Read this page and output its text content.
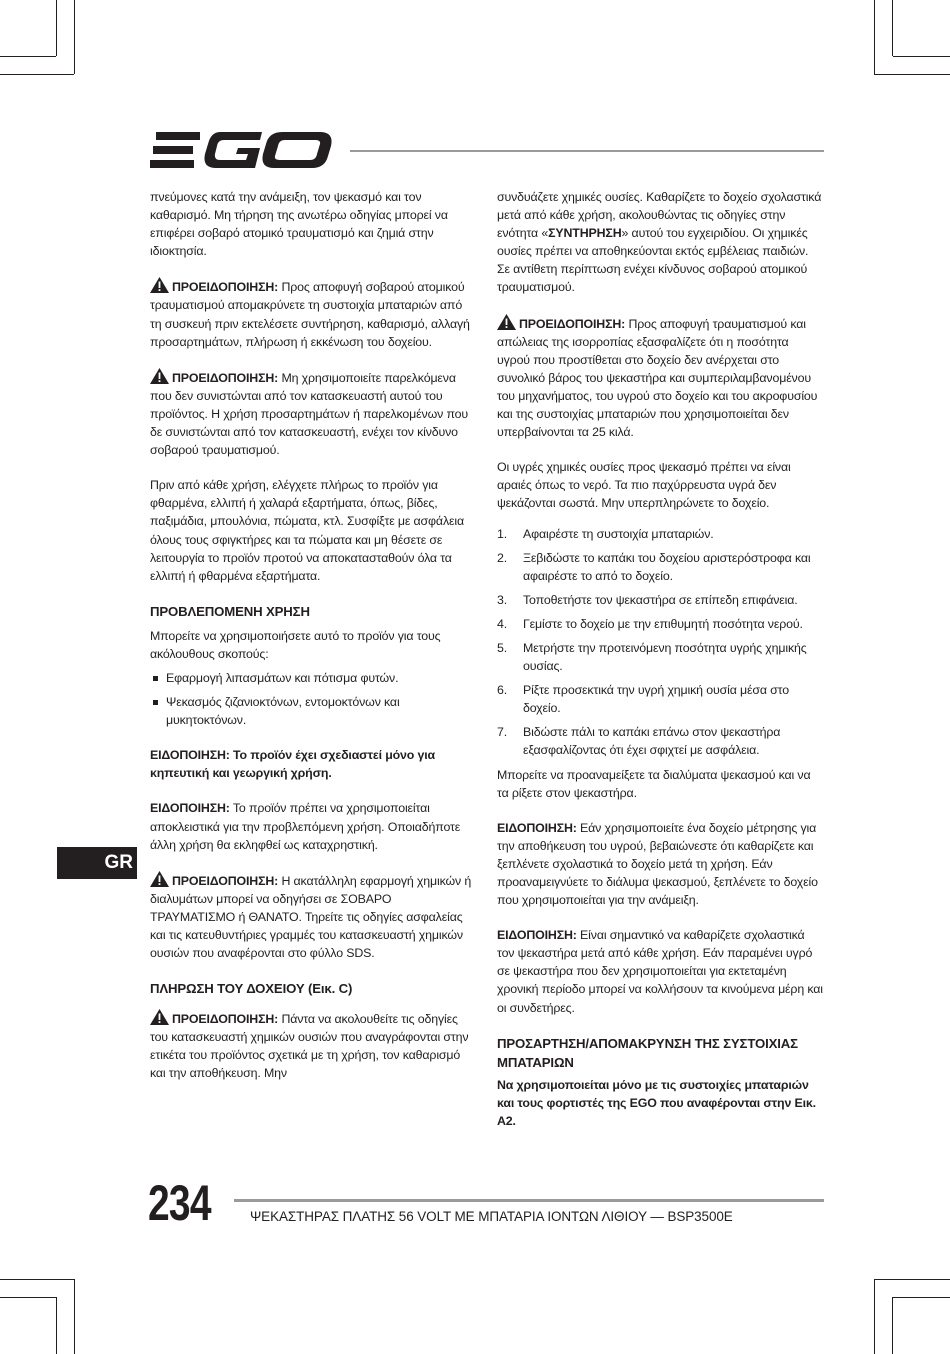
πνεύμονες κατά την ανάμειξη, τον ψεκασμό και τον καθαρισμό. Μη τήρηση της ανωτέρω οδηγίας μπορεί να επιφέρει σοβαρό ατομικό τραυματισμό και ζημιά στην ιδιοκτησία.

ΠΡΟΕΙΔΟΠΟΙΗΣΗ: Προς αποφυγή σοβαρού ατομικού τραυματισμού απομακρύνετε τη συστοιχία μπαταριών από τη συσκευή πριν εκτελέσετε συντήρηση, καθαρισμό, αλλαγή προσαρτημάτων, πλήρωση ή εκκένωση του δοχείου.

ΠΡΟΕΙΔΟΠΟΙΗΣΗ: Μη χρησιμοποιείτε παρελκόμενα που δεν συνιστώνται από τον κατασκευαστή αυτού του προϊόντος. Η χρήση προσαρτημάτων ή παρελκομένων που δε συνιστώνται από τον κατασκευαστή, ενέχει τον κίνδυνο σοβαρού τραυματισμού.

Πριν από κάθε χρήση, ελέγχετε πλήρως το προϊόν για φθαρμένα, ελλιπή ή χαλαρά εξαρτήματα, όπως, βίδες, παξιμάδια, μπουλόνια, πώματα, κτλ. Συσφίξτε με ασφάλεια όλους τους σφιγκτήρες και τα πώματα και μη θέσετε σε λειτουργία το προϊόν προτού να αποκατασταθούν όλα τα ελλιπή ή φθαρμένα εξαρτήματα.

ΠΡΟΒΛΕΠΟΜΕΝΗ ΧΡΗΣΗ

Μπορείτε να χρησιμοποιήσετε αυτό το προϊόν για τους ακόλουθους σκοπούς:

Εφαρμογή λιπασμάτων και πότισμα φυτών.
Ψεκασμός ζιζανιοκτόνων, εντομοκτόνων και μυκητοκτόνων.

ΕΙΔΟΠΟΙΗΣΗ: Το προϊόν έχει σχεδιαστεί μόνο για κηπευτική και γεωργική χρήση.

ΕΙΔΟΠΟΙΗΣΗ: Το προϊόν πρέπει να χρησιμοποιείται αποκλειστικά για την προβλεπόμενη χρήση. Οποιαδήποτε άλλη χρήση θα εκληφθεί ως καταχρηστική.

ΠΡΟΕΙΔΟΠΟΙΗΣΗ: Η ακατάλληλη εφαρμογή χημικών ή διαλυμάτων μπορεί να οδηγήσει σε ΣΟΒΑΡΟ ΤΡΑΥΜΑΤΙΣΜΟ ή ΘΑΝΑΤΟ. Τηρείτε τις οδηγίες ασφαλείας και τις κατευθυντήριες γραμμές του κατασκευαστή χημικών ουσιών που αναφέρονται στο φύλλο SDS.

ΠΛΗΡΩΣΗ ΤΟΥ ΔΟΧΕΙΟΥ (Εικ. C)

ΠΡΟΕΙΔΟΠΟΙΗΣΗ: Πάντα να ακολουθείτε τις οδηγίες του κατασκευαστή χημικών ουσιών που αναγράφονται στην ετικέτα του προϊόντος σχετικά με τη χρήση, τον καθαρισμό και την αποθήκευση. Μην

συνδυάζετε χημικές ουσίες. Καθαρίζετε το δοχείο σχολαστικά μετά από κάθε χρήση, ακολουθώντας τις οδηγίες στην ενότητα «ΣΥΝΤΗΡΗΣΗ» αυτού του εγχειριδίου. Οι χημικές ουσίες πρέπει να αποθηκεύονται εκτός εμβέλειας παιδιών. Σε αντίθετη περίπτωση ενέχει κίνδυνος σοβαρού ατομικού τραυματισμού.

ΠΡΟΕΙΔΟΠΟΙΗΣΗ: Προς αποφυγή τραυματισμού και απώλειας της ισορροπίας εξασφαλίζετε ότι η ποσότητα υγρού που προστίθεται στο δοχείο δεν ανέρχεται στο συνολικό βάρος του ψεκαστήρα και συμπεριλαμβανομένου του μηχανήματος, του υγρού στο δοχείο και του ακροφυσίου και της συστοιχίας μπαταριών που χρησιμοποιείται δεν υπερβαίνονται τα 25 κιλά.

Οι υγρές χημικές ουσίες προς ψεκασμό πρέπει να είναι αραιές όπως το νερό. Τα πιο παχύρρευστα υγρά δεν ψεκάζονται σωστά. Μην υπερπληρώνετε το δοχείο.

1. Αφαιρέστε τη συστοιχία μπαταριών.
2. Ξεβιδώστε το καπάκι του δοχείου αριστερόστροφα και αφαιρέστε το από το δοχείο.
3. Τοποθετήστε τον ψεκαστήρα σε επίπεδη επιφάνεια.
4. Γεμίστε το δοχείο με την επιθυμητή ποσότητα νερού.
5. Μετρήστε την προτεινόμενη ποσότητα υγρής χημικής ουσίας.
6. Ρίξτε προσεκτικά την υγρή χημική ουσία μέσα στο δοχείο.
7. Βιδώστε πάλι το καπάκι επάνω στον ψεκαστήρα εξασφαλίζοντας ότι έχει σφιχτεί με ασφάλεια.

Μπορείτε να προαναμείξετε τα διαλύματα ψεκασμού και να τα ρίξετε στον ψεκαστήρα.

ΕΙΔΟΠΟΙΗΣΗ: Εάν χρησιμοποιείτε ένα δοχείο μέτρησης για την αποθήκευση του υγρού, βεβαιώνεστε ότι καθαρίζετε και ξεπλένετε σχολαστικά το δοχείο μετά τη χρήση. Εάν προαναμειγνύετε το διάλυμα ψεκασμού, ξεπλένετε το δοχείο που χρησιμοποιείται για την ανάμειξη.

ΕΙΔΟΠΟΙΗΣΗ: Είναι σημαντικό να καθαρίζετε σχολαστικά τον ψεκαστήρα μετά από κάθε χρήση. Εάν παραμένει υγρό σε ψεκαστήρα που δεν χρησιμοποιείται για εκτεταμένη χρονική περίοδο μπορεί να κολλήσουν τα κινούμενα μέρη και οι συνδετήρες.

ΠΡΟΣΑΡΤΗΣΗ/ΑΠΟΜΑΚΡΥΝΣΗ ΤΗΣ ΣΥΣΤΟΙΧΙΑΣ ΜΠΑΤΑΡΙΩΝ

Να χρησιμοποιείται μόνο με τις συστοιχίες μπαταριών και τους φορτιστές της EGO που αναφέρονται στην Εικ. A2.

GR
234	ΨΕΚΑΣΤΗΡΑΣ ΠΛΑΤΗΣ 56 VOLT ΜΕ ΜΠΑΤΑΡΙΑ ΙΟΝΤΩΝ ΛΙΘΙΟΥ — BSP3500E
